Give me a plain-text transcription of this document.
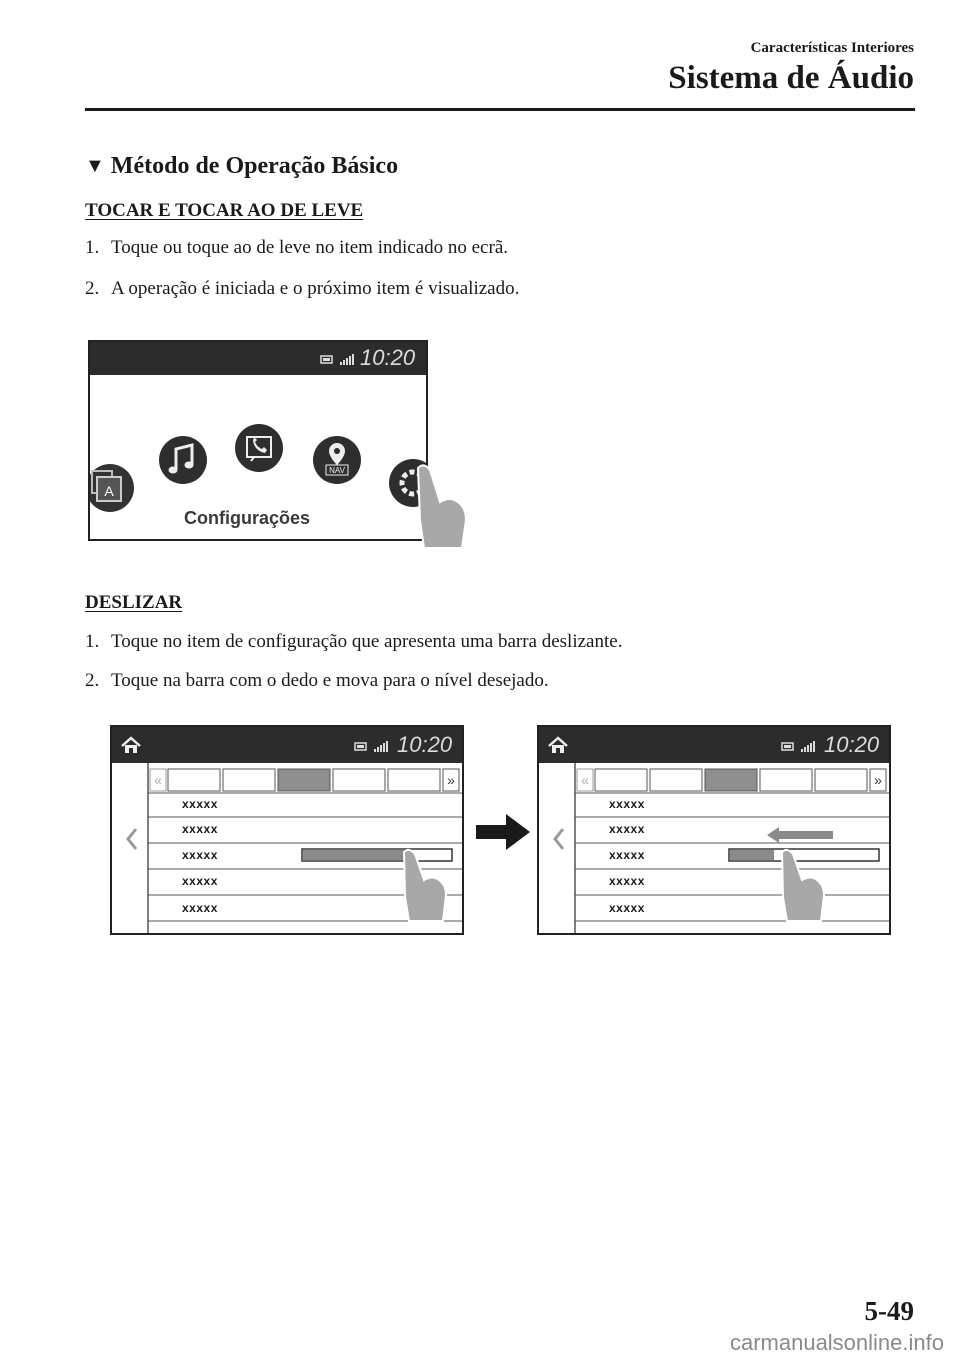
Características Interiores
Sistema de Áudio
▼ Método de Operação Básico
TOCAR E TOCAR AO DE LEVE
1. Toque ou toque ao de leve no item indicado no ecrã.
2. A operação é iniciada e o próximo item é visualizado.
10:20
A
NAV
Configurações
DESLIZAR
1. Toque no item de configuração que apresenta uma barra deslizante.
2. Toque na barra com o dedo e mova para o nível desejado.
10:20
«	»
xxxxx
xxxxx
xxxxx
xxxxx
xxxxx
10:20
«	»
xxxxx
xxxxx
xxxxx
xxxxx
xxxxx
5-49
carmanualsonline.info
